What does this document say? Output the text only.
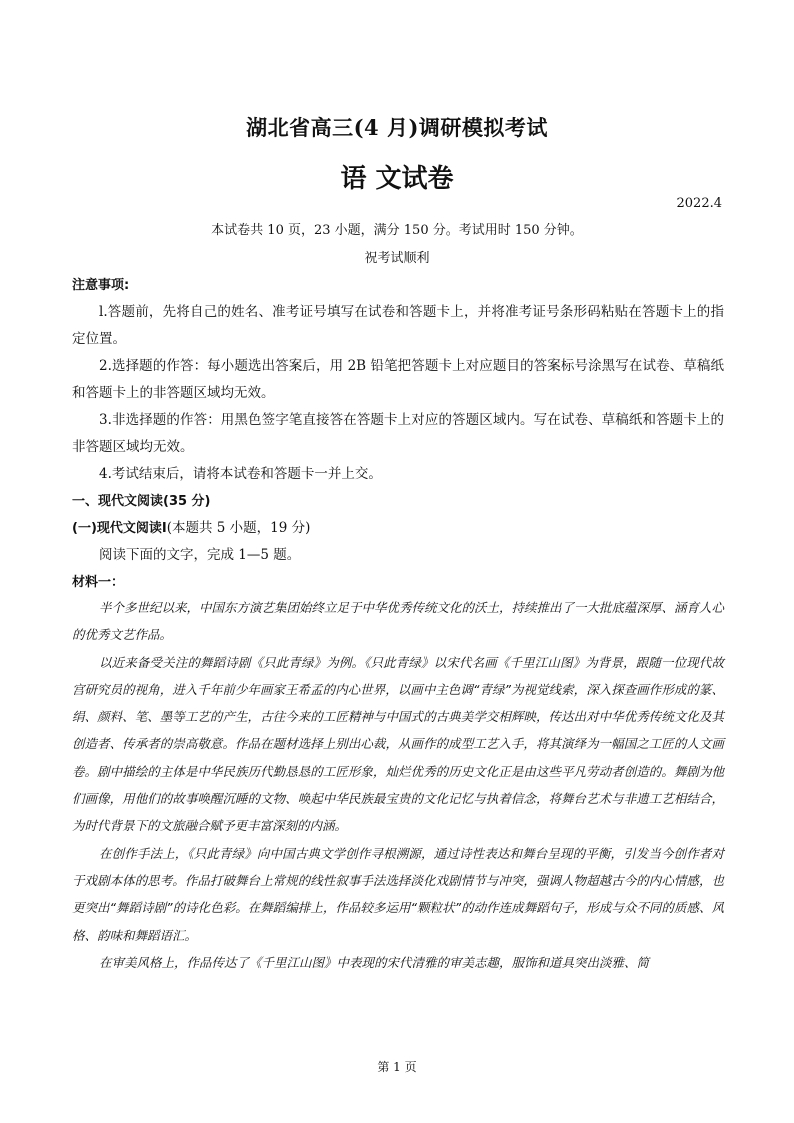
湖北省高三(4 月)调研模拟考试
语 文试卷
2022.4
本试卷共 10 页，23 小题，满分 150 分。考试用时 150 分钟。
祝考试顺利

注意事项:

l.答题前，先将自己的姓名、准考证号填写在试卷和答题卡上，并将准考证号条形码粘贴在答题卡上的指定位置。

2.选择题的作答：每小题选出答案后，用 2B 铅笔把答题卡上对应题目的答案标号涂黑写在试卷、草稿纸和答题卡上的非答题区域均无效。

3.非选择题的作答：用黑色签字笔直接答在答题卡上对应的答题区域内。写在试卷、草稿纸和答题卡上的非答题区域均无效。

4.考试结束后，请将本试卷和答题卡一并上交。

一、现代文阅读(35 分)

(一)现代文阅读Ⅰ(本题共 5 小题，19 分)

阅读下面的文字，完成 1—5 题。

材料一：

半个多世纪以来，中国东方演艺集团始终立足于中华优秀传统文化的沃土，持续推出了一大批底蕴深厚、涵育人心的优秀文艺作品。

以近来备受关注的舞蹈诗剧《只此青绿》为例。《只此青绿》以宋代名画《千里江山图》为背景，跟随一位现代故宫研究员的视角，进入千年前少年画家王希孟的内心世界，以画中主色调“青绿”为视觉线索，深入探查画作形成的篆、绢、颜料、笔、墨等工艺的产生，古往今来的工匠精神与中国式的古典美学交相辉映，传达出对中华优秀传统文化及其创造者、传承者的崇高敬意。作品在题材选择上别出心裁，从画作的成型工艺入手，将其演绎为一幅国之工匠的人文画卷。剧中描绘的主体是中华民族历代勤恳恳的工匠形象，灿烂优秀的历史文化正是由这些平凡劳动者创造的。舞剧为他们画像，用他们的故事唤醒沉睡的文物、唤起中华民族最宝贵的文化记忆与执着信念，将舞台艺术与非遗工艺相结合，为时代背景下的文旅融合赋予更丰富深刻的内涵。

在创作手法上，《只此青绿》向中国古典文学创作寻根溯源，通过诗性表达和舞台呈现的平衡，引发当今创作者对于戏剧本体的思考。作品打破舞台上常规的线性叙事手法选择淡化戏剧情节与冲突，强调人物超越古今的内心情感，也更突出“舞蹈诗剧”的诗化色彩。在舞蹈编排上，作品较多运用“颗粒状”的动作连成舞蹈句子，形成与众不同的质感、风格、韵味和舞蹈语汇。

在审美风格上，作品传达了《千里江山图》中表现的宋代清雅的审美志趣，服饰和道具突出淡雅、简

第 1 页
